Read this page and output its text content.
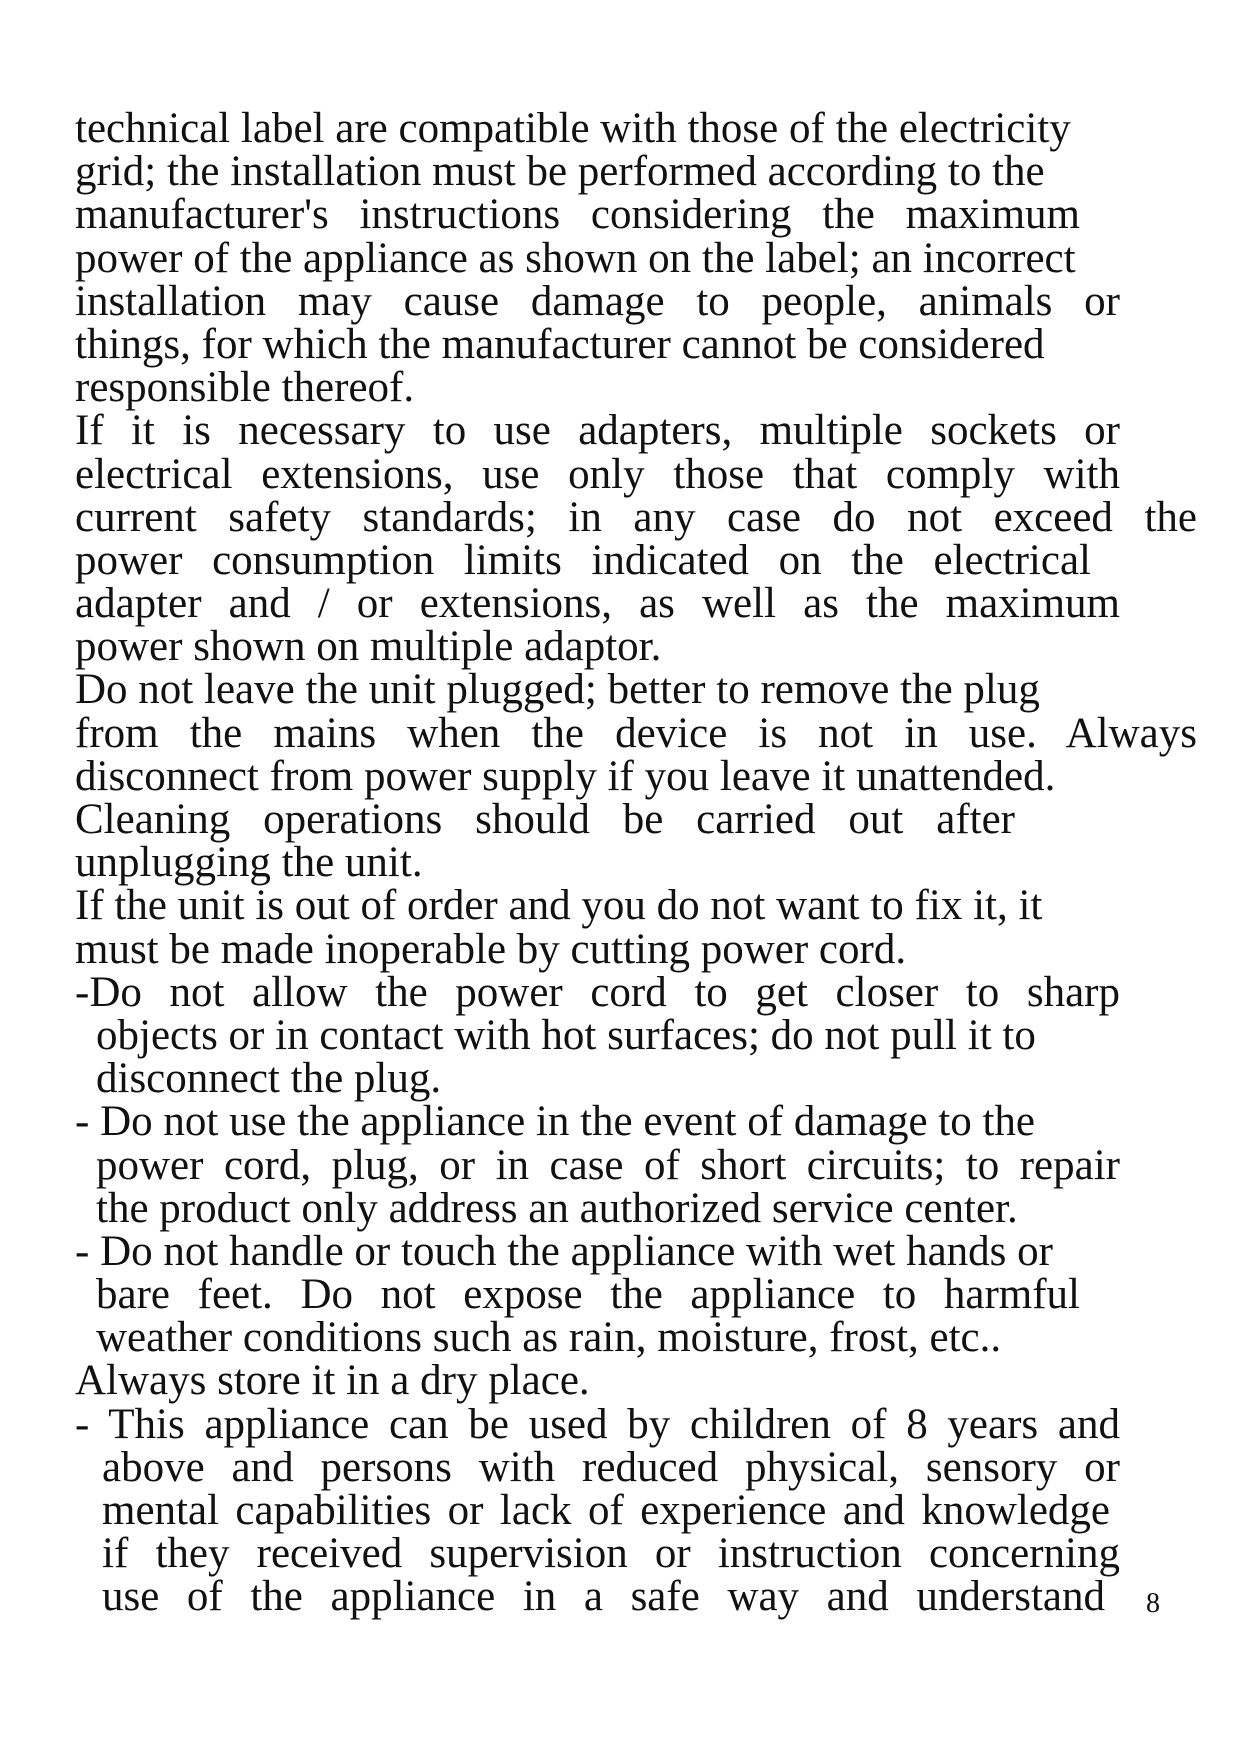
technical label are compatible with those of the electricity
grid; the installation must be performed according to the
manufacturer's instructions considering the maximum
power of the appliance as shown on the label; an incorrect
installation may cause damage to people, animals or
things, for which the manufacturer cannot be considered
responsible thereof.
If it is necessary to use adapters, multiple sockets or
electrical extensions, use only those that comply with
current safety standards; in any case do not exceed the
power consumption limits indicated on the electrical
adapter and / or extensions, as well as the maximum
power shown on multiple adaptor.
Do not leave the unit plugged; better to remove the plug
from the mains when the device is not in use. Always
disconnect from power supply if you leave it unattended.
Cleaning operations should be carried out after
unplugging the unit.
If the unit is out of order and you do not want to fix it, it
must be made inoperable by cutting power cord.
-Do not allow the power cord to get closer to sharp
objects or in contact with hot surfaces; do not pull it to
disconnect the plug.
- Do not use the appliance in the event of damage to the
power cord, plug, or in case of short circuits; to repair
the product only address an authorized service center.
- Do not handle or touch the appliance with wet hands or
bare feet. Do not expose the appliance to harmful
weather conditions such as rain, moisture, frost, etc..
Always store it in a dry place.
- This appliance can be used by children of 8 years and
above and persons with reduced physical, sensory or
mental capabilities or lack of experience and knowledge
if they received supervision or instruction concerning
use of the appliance in a safe way and understand 8
